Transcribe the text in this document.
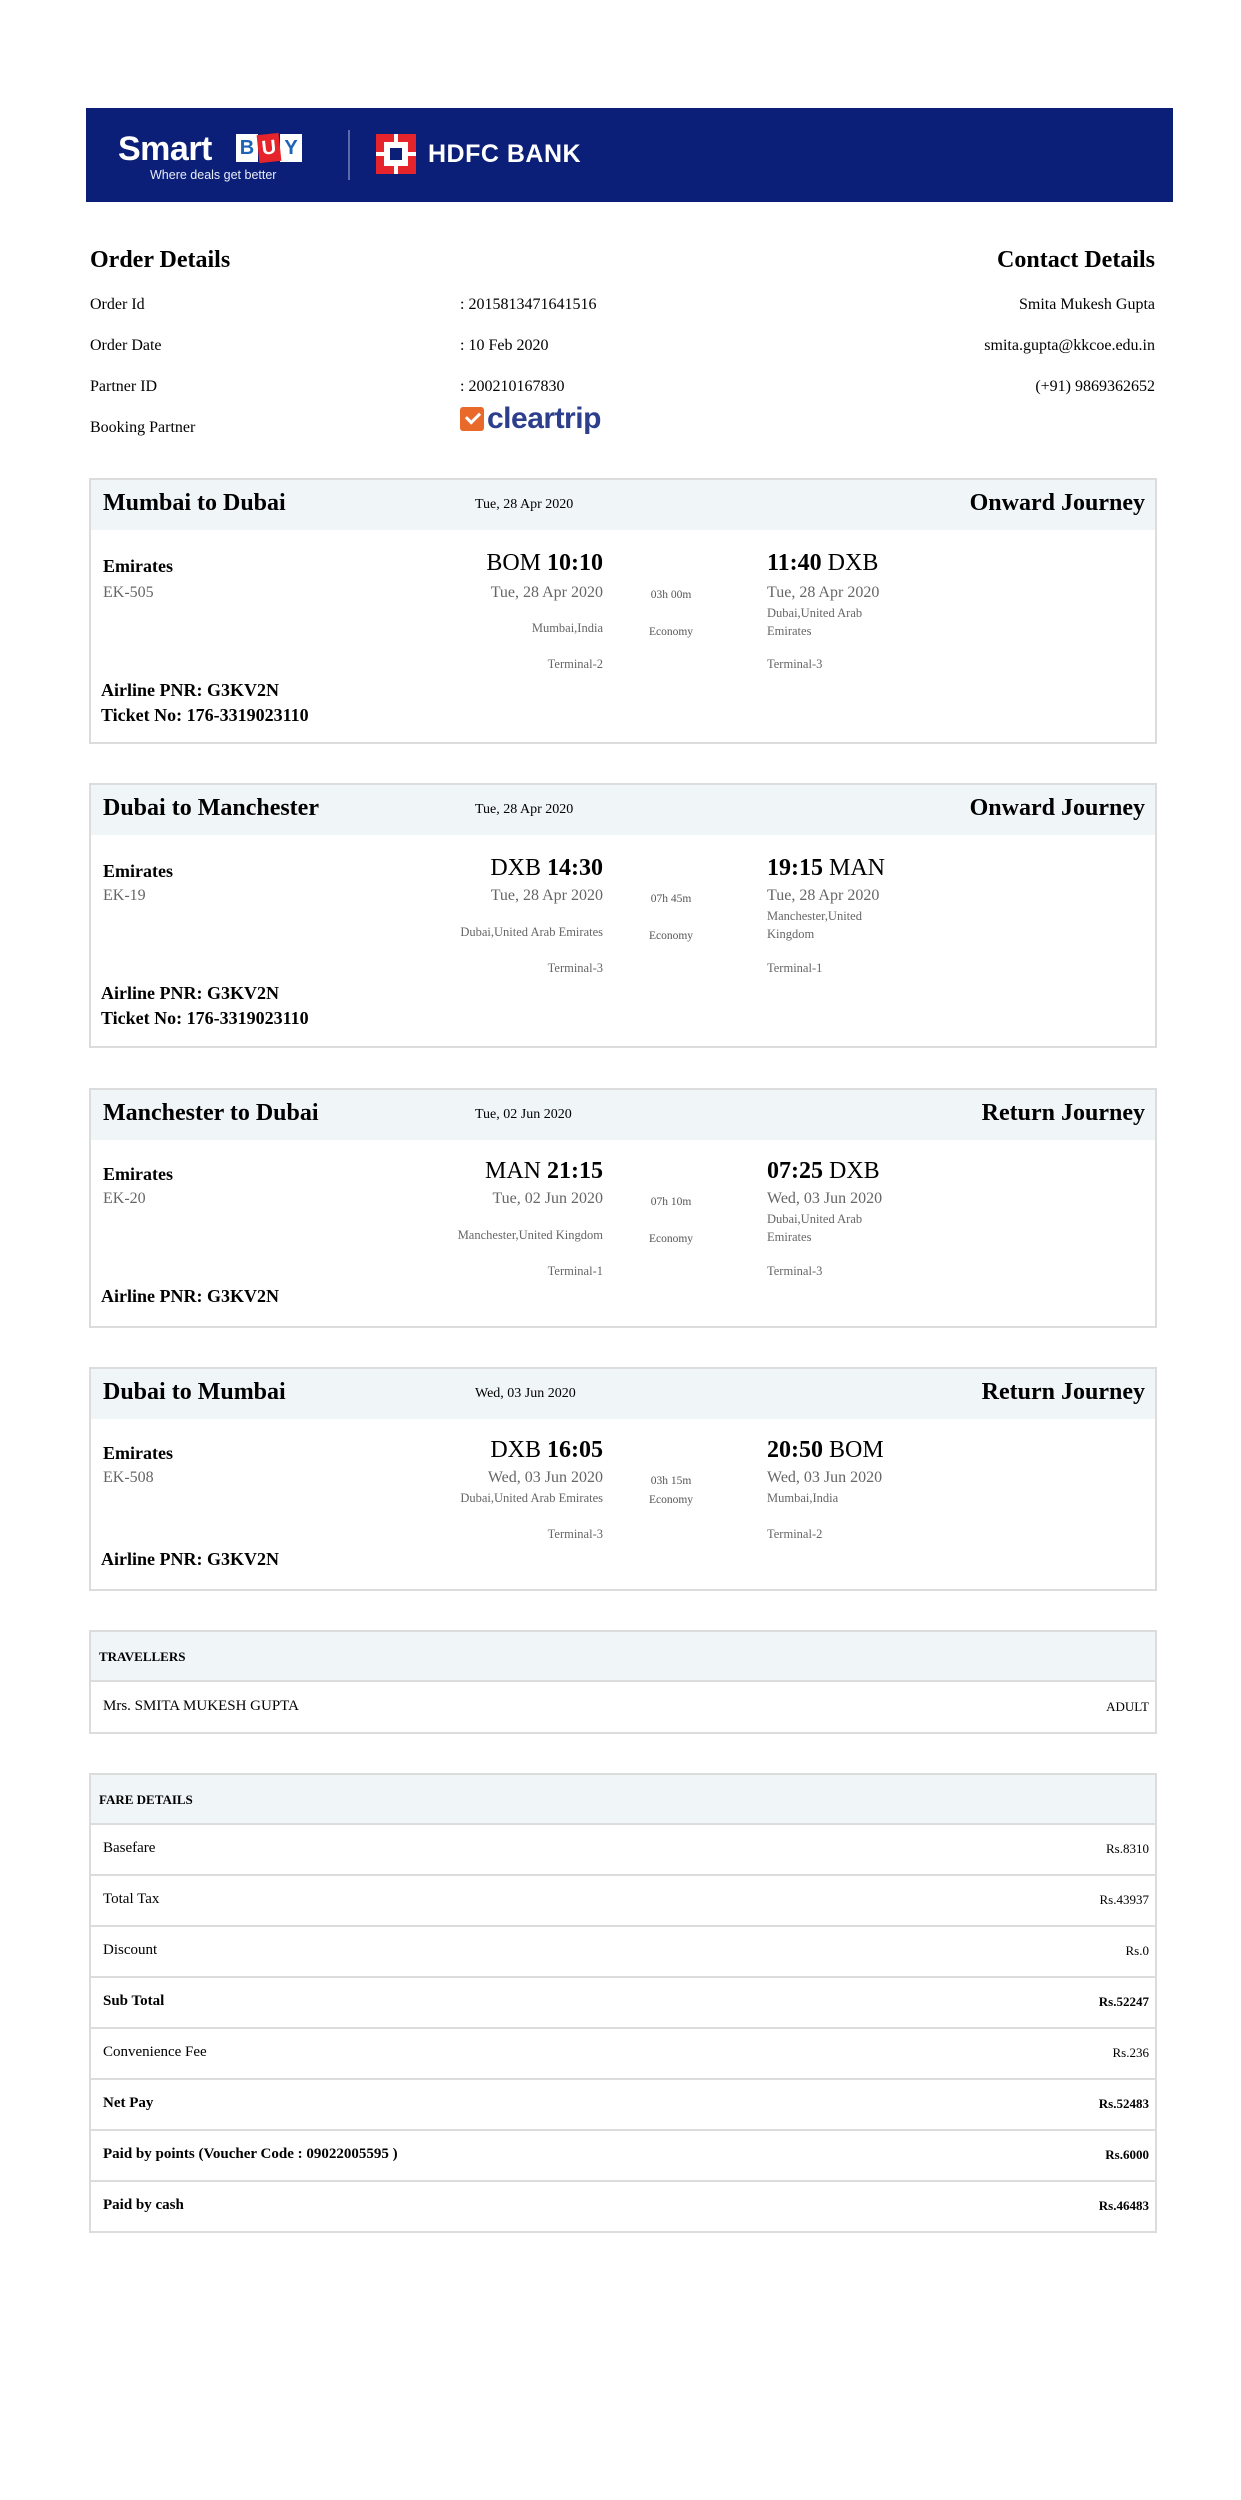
Smart B U Y
Where deals get better
HDFC BANK
Order Details
Order Id	: 2015813471641516
Order Date	: 10 Feb 2020
Partner ID	: 200210167830
Booking Partner	cleartrip
Contact Details
Smita Mukesh Gupta
smita.gupta@kkcoe.edu.in
(+91) 9869362652
Mumbai to Dubai	Tue, 28 Apr 2020	Onward Journey
Emirates
EK-505
BOM 10:10
Tue, 28 Apr 2020
Mumbai,India
Terminal-2
03h 00m
Economy
11:40 DXB
Tue, 28 Apr 2020
Dubai,United Arab Emirates
Terminal-3
Airline PNR: G3KV2N
Ticket No: 176-3319023110
Dubai to Manchester	Tue, 28 Apr 2020	Onward Journey
Emirates
EK-19
DXB 14:30
Tue, 28 Apr 2020
Dubai,United Arab Emirates
Terminal-3
07h 45m
Economy
19:15 MAN
Tue, 28 Apr 2020
Manchester,United Kingdom
Terminal-1
Airline PNR: G3KV2N
Ticket No: 176-3319023110
Manchester to Dubai	Tue, 02 Jun 2020	Return Journey
Emirates
EK-20
MAN 21:15
Tue, 02 Jun 2020
Manchester,United Kingdom
Terminal-1
07h 10m
Economy
07:25 DXB
Wed, 03 Jun 2020
Dubai,United Arab Emirates
Terminal-3
Airline PNR: G3KV2N
Dubai to Mumbai	Wed, 03 Jun 2020	Return Journey
Emirates
EK-508
DXB 16:05
Wed, 03 Jun 2020
Dubai,United Arab Emirates
Terminal-3
03h 15m
Economy
20:50 BOM
Wed, 03 Jun 2020
Mumbai,India
Terminal-2
Airline PNR: G3KV2N
TRAVELLERS
Mrs. SMITA MUKESH GUPTA	ADULT
FARE DETAILS
Basefare	Rs.8310
Total Tax	Rs.43937
Discount	Rs.0
Sub Total	Rs.52247
Convenience Fee	Rs.236
Net Pay	Rs.52483
Paid by points (Voucher Code : 09022005595 )	Rs.6000
Paid by cash	Rs.46483
